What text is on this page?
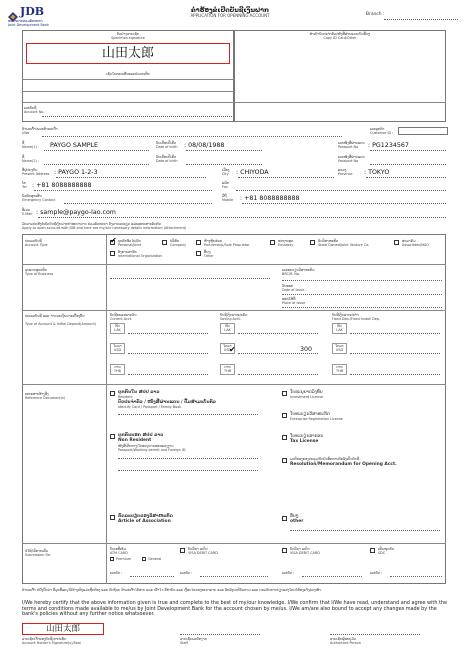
JDB
ທະນາຄານຮ່ວມພັດທະນາ
Joint Development Bank
ຄຳຮ້ອງຂໍເປີດບັນຊີເງິນຝາກ
APPLICATION FOR OPENNING ACCOUNT	Branch :
ຕົວຢ່າງລາຍເຊັນ
Specimen signature
ສຳເນົາບັດປະຈຳຕົວ/ໜັງສືຜ່ານແດນ/ບັດອື່ນໆ
Copy ID Card/Other
山田太郎
ເຊັນໃນກອບເສັ້ນແລະບໍ່ຄວນເກີນ
ເລກບັນຊີ
Account No. :
ຂ້າພະເຈົ້າ/ພວກຂ້າພະເຈົ້າ
I/We
ເລກລູກຄ້າ
Customer ID :
ຊື່
Name(1) : PAYGO SAMPLE	ວັນເດືອນປີເກີດ
Date of birth : 08/08/1988	ເລກໜັງສືຜ່ານແດນ
Passport No : PG1234567
ຊື່
Name(2) :
ວັນເດືອນປີເກີດ
Date of birth
ເລກໜັງສືຜ່ານແດນ
Passport No
ທີ່ຢູ່ປະຈຸບັນ
Present Address : PAYGO 1-2-3	ເມືອງ
City : CHIYODA	ແຂວງ
Province : TOKYO
ໂທ
Tel : +81 8088888888	ແຟັກ
Fax
ພົວພັນສຸກເສີນ
Emergency Contact
ມືຖື
Mobile : +81 8088888888
ອີເມວ
E-Mail : sample@paygo-lao.com
ມີຄວາມປະສົງຂໍເປີດບັນຊີເງິນຝາກນຳທະນາຄານ ຮ່ວມພັດທະນາ ດັ່ງລາຍລະອຽດ ແລະເອກະສານຄັດຕິດ
Apply to open account with JDB and here are my/our necessary details information (Attachment)
ປະເພດບັນຊີ
Account Type	✔ ບຸກຄົນທົ່ວໄປ/ຄົນ
Personal/Joint
ບໍລິສັດ
Company
ຫ້າງຫຸ້ນສ່ວນ
Partnership/Sole Proprietor
ສະຖານທູດ
Embassy
ລັດວິສາຫະກິດ
State Owned/Joint Venture Co.
ສະມາຄົມ
Associates/NGO
ອົງການສາກົນ
International Organization
ອື່ນໆ
Other
ຮູບແບບທຸລະກິດ
Type of Business
ເລກທະບຽນວິສາຫະກິດ
BRC/R. No.
ວັນອອກ
Date of Issue :
ອອກໃຫ້ທີ່
Place of Issue
ປະເພດບັນຊີ ແລະ ຈຳນວນເງິນຝາກເບື້ອງຕົ້ນ
Type of Account & Initial Deposit(Amount)
ບັນຊີກະແສລາຍວັນ
Current Acct.
ບັນຊີເງິນຝາກປະຢັດ
Saving Acct.
ບັນຊີເງິນຝາກປະຈຳ
Fixed Dep./Fixed Install Dep.
ກີບ
LAK
ໂດລາ
USD
ບາດ
THB
ກີບ
LAK
ໂດລາ
USD
✔	300
ບາດ
THB
ກີບ
LAK
ໂດລາ
USD
ບາດ
THB
ເອກະສານອ້າງອີງ
Reference Document(s)
ບຸກຄົນໃນ ສປປ ລາວ
Resident
ບັດປະຈຳຕົວ / ໜັງສືຜ່ານແດນ / ປື້ມສຳມະໂນຄົວ
Identify Card / Passport / Family Book
ບຸກຄົນນອກ ສປປ ລາວ
Non Resident
ໜັງສືເດີນທາງ/ໃບອະນຸຍາດອອກແຮງງານ
Passport/Working permit and Foreign ID
ກົດລະບຽບຂອງວິສາຫະກິດ
Article of Association
ໃບອະນຸຍາດລົງທຶນ
Investment License
ໃບທະບຽນວິສາຫະກິດ
Enterprise Registration License
ໃບທະບຽນອາກອນ
Tax License
ມະຕິຂອງກອງປະຊຸມ/ບົດບັນທຶກການຕົກລົງເປີດບັນຊີ
Resolution/Memorandum for Opening Acct.
ອື່ນໆ
other
ຂໍໃຊ້ບໍລິການເພີ່ມ
Submission For
ບັດເອທີເອັມ
ATM CARD
Premium	General
ເລກບັດ :
ບັດວີຊາ ເດບິດ
VISA DEBIT CARD
ເລກບັດ :
ບັດວີຊາ ເດບິດ
VISA DEBIT CARD
ເລກບັດ :
ເສີມໜຸນບັດ
SDC
ເລກບັດ :
ຂ້າພະເຈົ້າ ຂໍຢັ້ງຢືນວ່າ ຂໍ້ມູນທີ່ລະບຸໄວ້ຂ້າງເທິງແມ່ນຖືກຕ້ອງ ແລະ ຄົບຖ້ວນ ຂ້າພະເຈົ້າໄດ້ອ່ານ ແລະ ເຂົ້າໃຈ ຂໍ້ກຳນົດ ແລະ ເງື່ອນໄຂຂອງທະນາຄານ ແລະ ຕົກລົງປະຕິບັດຕາມ ແລະ ຍອມຮັບການປ່ຽນແປງໂດຍບໍ່ຕ້ອງແຈ້ງລ່ວງໜ້າ.
I/We hereby certify that the above information given is true and complete to the best of my/our knowledge. I/We confirm that I/We have read, understand and agree with the terms and conditions made available to me/us by Joint Development Bank for the account chosen by me/us. I/We am/are also bound to accept any changes made by the bank's policies without any further notice whatsoever.
山田太郎
ລາຍເຊັນເຈົ້າຂອງບັນຊີ/ກາປະທັບ
Account Holder's Signature(s)/Seal
ລາຍເຊັນພະນັກງານ
Staff
ລາຍເຊັນຜູ້ອະນຸມັດ
Authorized Person
